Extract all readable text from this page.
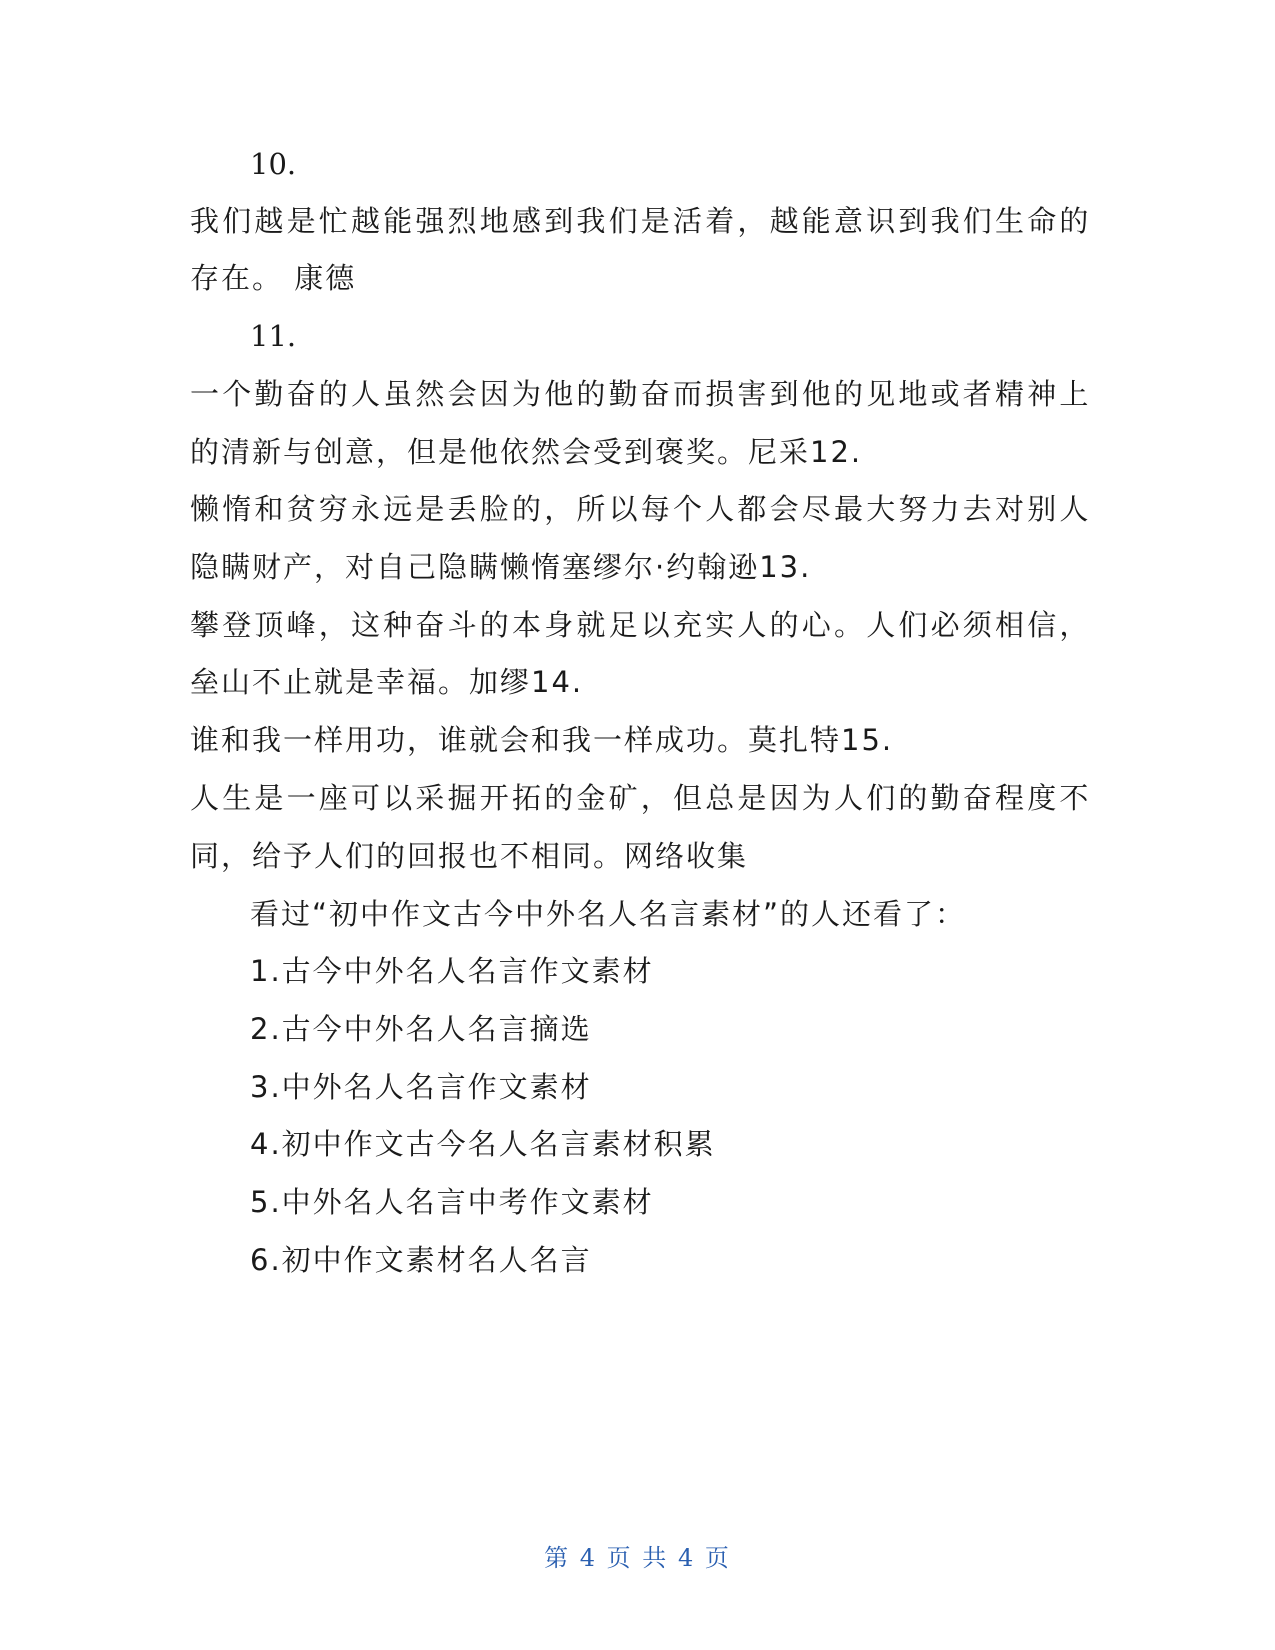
10.
我们越是忙越能强烈地感到我们是活着，越能意识到我们生命的
存在。 康德
11.
一个勤奋的人虽然会因为他的勤奋而损害到他的见地或者精神上
的清新与创意，但是他依然会受到褒奖。尼采12.
懒惰和贫穷永远是丢脸的，所以每个人都会尽最大努力去对别人
隐瞒财产，对自己隐瞒懒惰塞缪尔·约翰逊13.
攀登顶峰，这种奋斗的本身就足以充实人的心。人们必须相信，
垒山不止就是幸福。加缪14.
谁和我一样用功，谁就会和我一样成功。莫扎特15.
人生是一座可以采掘开拓的金矿，但总是因为人们的勤奋程度不
同，给予人们的回报也不相同。网络收集
看过“初中作文古今中外名人名言素材”的人还看了：
1.古今中外名人名言作文素材
2.古今中外名人名言摘选
3.中外名人名言作文素材
4.初中作文古今名人名言素材积累
5.中外名人名言中考作文素材
6.初中作文素材名人名言
第 4 页 共 4 页
